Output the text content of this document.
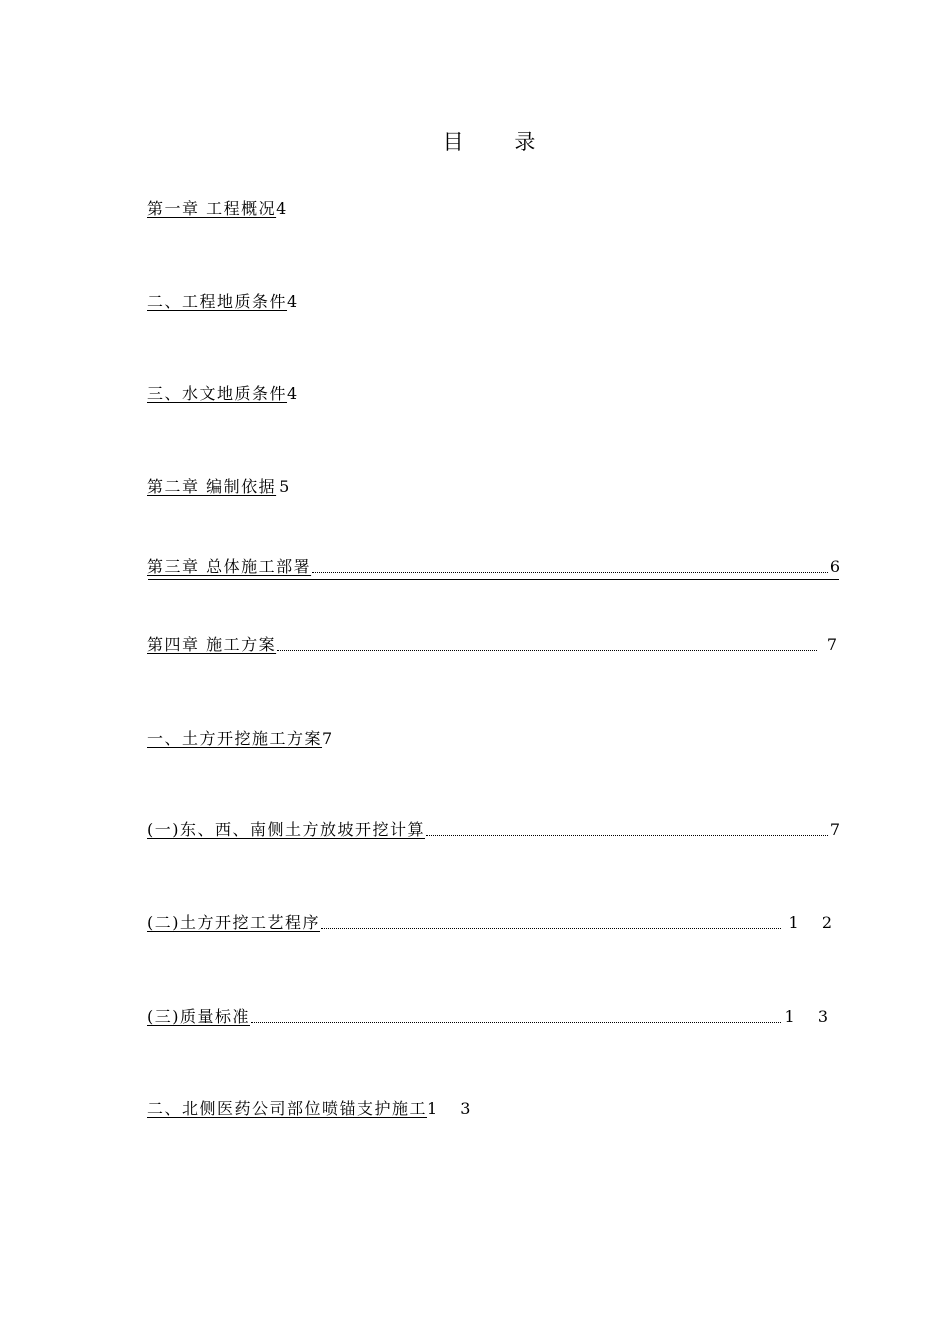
目 录
第一章 工程概况 4
二、工程地质条件 4
三、水文地质条件 4
第二章 编制依据 5
第三章 总体施工部署	6
第四章 施工方案	7
一、土方开挖施工方案 7
(一)东、西、南侧土方放坡开挖计算	7
(二)土方开挖工艺程序	1 2
(三)质量标准	1 3
二、北侧医药公司部位喷锚支护施工 1 3
